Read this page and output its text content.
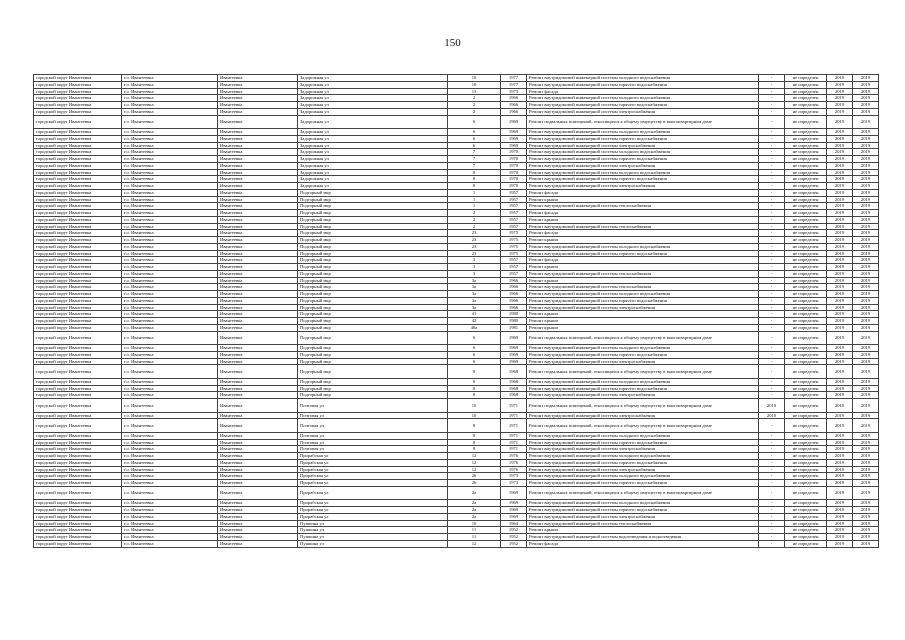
150
городской округ Ивантеевка	г.о. Ивантеевка	Ивантеевка	Задорожная ул	10	1977	Ремонт внутридомовой инженерной системы холодного водоснабжения	-	не определен	2019	2019
городской округ Ивантеевка	г.о. Ивантеевка	Ивантеевка	Задорожная ул	10	1977	Ремонт внутридомовой инженерной системы горячего водоснабжения	-	не определен	2019	2019
городской округ Ивантеевка	г.о. Ивантеевка	Ивантеевка	Задорожная ул	13	1973	Ремонт фасада	-	не определен	2019	2019
городской округ Ивантеевка	г.о. Ивантеевка	Ивантеевка	Задорожная ул	2	1966	Ремонт внутридомовой инженерной системы холодного водоснабжения	-	не определен	2019	2019
городской округ Ивантеевка	г.о. Ивантеевка	Ивантеевка	Задорожная ул	2	1966	Ремонт внутридомовой инженерной системы горячего водоснабжения	-	не определен	2019	2019
городской округ Ивантеевка	г.о. Ивантеевка	Ивантеевка	Задорожная ул	2	1966	Ремонт внутридомовой инженерной системы электроснабжения	-	не определен	2019	2019
городской округ Ивантеевка	г.о. Ивантеевка	Ивантеевка	Задорожная ул	6	1969	Ремонт подвальных помещений, относящихся к общему имуществу в многоквартирном доме	-	не определен	2019	2019
городской округ Ивантеевка	г.о. Ивантеевка	Ивантеевка	Задорожная ул	6	1969	Ремонт внутридомовой инженерной системы холодного водоснабжения	-	не определен	2019	2019
городской округ Ивантеевка	г.о. Ивантеевка	Ивантеевка	Задорожная ул	6	1969	Ремонт внутридомовой инженерной системы горячего водоснабжения	-	не определен	2019	2019
городской округ Ивантеевка	г.о. Ивантеевка	Ивантеевка	Задорожная ул	6	1969	Ремонт внутридомовой инженерной системы электроснабжения	-	не определен	2019	2019
городской округ Ивантеевка	г.о. Ивантеевка	Ивантеевка	Задорожная ул	7	1970	Ремонт внутридомовой инженерной системы холодного водоснабжения	-	не определен	2019	2019
городской округ Ивантеевка	г.о. Ивантеевка	Ивантеевка	Задорожная ул	7	1970	Ремонт внутридомовой инженерной системы горячего водоснабжения	-	не определен	2019	2019
городской округ Ивантеевка	г.о. Ивантеевка	Ивантеевка	Задорожная ул	7	1970	Ремонт внутридомовой инженерной системы электроснабжения	-	не определен	2019	2019
городской округ Ивантеевка	г.о. Ивантеевка	Ивантеевка	Задорожная ул	8	1970	Ремонт внутридомовой инженерной системы холодного водоснабжения	-	не определен	2019	2019
городской округ Ивантеевка	г.о. Ивантеевка	Ивантеевка	Задорожная ул	8	1970	Ремонт внутридомовой инженерной системы горячего водоснабжения	-	не определен	2019	2019
городской округ Ивантеевка	г.о. Ивантеевка	Ивантеевка	Задорожная ул	8	1970	Ремонт внутридомовой инженерной системы электроснабжения	-	не определен	2019	2019
городской округ Ивантеевка	г.о. Ивантеевка	Ивантеевка	Подгорный мкр	1	1957	Ремонт фасада	-	не определен	2019	2019
городской округ Ивантеевка	г.о. Ивантеевка	Ивантеевка	Подгорный мкр	1	1957	Ремонт крыши	-	не определен	2019	2019
городской округ Ивантеевка	г.о. Ивантеевка	Ивантеевка	Подгорный мкр	1	1957	Ремонт внутридомовой инженерной системы теплоснабжения	-	не определен	2019	2019
городской округ Ивантеевка	г.о. Ивантеевка	Ивантеевка	Подгорный мкр	2	1957	Ремонт фасада	-	не определен	2019	2019
городской округ Ивантеевка	г.о. Ивантеевка	Ивантеевка	Подгорный мкр	2	1957	Ремонт крыши	-	не определен	2019	2019
городской округ Ивантеевка	г.о. Ивантеевка	Ивантеевка	Подгорный мкр	2	1957	Ремонт внутридомовой инженерной системы теплоснабжения	-	не определен	2019	2019
городской округ Ивантеевка	г.о. Ивантеевка	Ивантеевка	Подгорный мкр	23	1975	Ремонт фасада	-	не определен	2019	2019
городской округ Ивантеевка	г.о. Ивантеевка	Ивантеевка	Подгорный мкр	23	1975	Ремонт крыши	-	не определен	2019	2019
городской округ Ивантеевка	г.о. Ивантеевка	Ивантеевка	Подгорный мкр	23	1975	Ремонт внутридомовой инженерной системы холодного водоснабжения	-	не определен	2019	2019
городской округ Ивантеевка	г.о. Ивантеевка	Ивантеевка	Подгорный мкр	23	1975	Ремонт внутридомовой инженерной системы горячего водоснабжения	-	не определен	2019	2019
городской округ Ивантеевка	г.о. Ивантеевка	Ивантеевка	Подгорный мкр	3	1957	Ремонт фасада	-	не определен	2019	2019
городской округ Ивантеевка	г.о. Ивантеевка	Ивантеевка	Подгорный мкр	3	1957	Ремонт крыши	-	не определен	2019	2019
городской округ Ивантеевка	г.о. Ивантеевка	Ивантеевка	Подгорный мкр	3	1957	Ремонт внутридомовой инженерной системы теплоснабжения	-	не определен	2019	2019
городской округ Ивантеевка	г.о. Ивантеевка	Ивантеевка	Подгорный мкр	3а	1966	Ремонт крыши	-	не определен	2019	2019
городской округ Ивантеевка	г.о. Ивантеевка	Ивантеевка	Подгорный мкр	3а	1966	Ремонт внутридомовой инженерной системы теплоснабжения	-	не определен	2019	2019
городской округ Ивантеевка	г.о. Ивантеевка	Ивантеевка	Подгорный мкр	3а	1966	Ремонт внутридомовой инженерной системы холодного водоснабжения	-	не определен	2019	2019
городской округ Ивантеевка	г.о. Ивантеевка	Ивантеевка	Подгорный мкр	3а	1966	Ремонт внутридомовой инженерной системы горячего водоснабжения	-	не определен	2019	2019
городской округ Ивантеевка	г.о. Ивантеевка	Ивантеевка	Подгорный мкр	3а	1966	Ремонт внутридомовой инженерной системы электроснабжения	-	не определен	2019	2019
городской округ Ивантеевка	г.о. Ивантеевка	Ивантеевка	Подгорный мкр	41	1980	Ремонт крыши	-	не определен	2019	2019
городской округ Ивантеевка	г.о. Ивантеевка	Ивантеевка	Подгорный мкр	42	1980	Ремонт крыши	-	не определен	2019	2019
городской округ Ивантеевка	г.о. Ивантеевка	Ивантеевка	Подгорный мкр	48а	1981	Ремонт крыши	-	не определен	2019	2019
городской округ Ивантеевка	г.о. Ивантеевка	Ивантеевка	Подгорный мкр	6	1969	Ремонт подвальных помещений, относящихся к общему имуществу в многоквартирном доме	-	не определен	2019	2019
городской округ Ивантеевка	г.о. Ивантеевка	Ивантеевка	Подгорный мкр	6	1969	Ремонт внутридомовой инженерной системы холодного водоснабжения	-	не определен	2019	2019
городской округ Ивантеевка	г.о. Ивантеевка	Ивантеевка	Подгорный мкр	6	1969	Ремонт внутридомовой инженерной системы горячего водоснабжения	-	не определен	2019	2019
городской округ Ивантеевка	г.о. Ивантеевка	Ивантеевка	Подгорный мкр	6	1969	Ремонт внутридомовой инженерной системы электроснабжения	-	не определен	2019	2019
городской округ Ивантеевка	г.о. Ивантеевка	Ивантеевка	Подгорный мкр	8	1968	Ремонт подвальных помещений, относящихся к общему имуществу в многоквартирном доме	-	не определен	2019	2019
городской округ Ивантеевка	г.о. Ивантеевка	Ивантеевка	Подгорный мкр	8	1968	Ремонт внутридомовой инженерной системы холодного водоснабжения	-	не определен	2019	2019
городской округ Ивантеевка	г.о. Ивантеевка	Ивантеевка	Подгорный мкр	8	1968	Ремонт внутридомовой инженерной системы горячего водоснабжения	-	не определен	2019	2019
городской округ Ивантеевка	г.о. Ивантеевка	Ивантеевка	Подгорный мкр	8	1968	Ремонт внутридомовой инженерной системы электроснабжения	-	не определен	2019	2019
городской округ Ивантеевка	г.о. Ивантеевка	Ивантеевка	Почтовая ул	10	1971	Ремонт подвальных помещений, относящихся к общему имуществу в многоквартирном доме	2010	не определен	2019	2019
городской округ Ивантеевка	г.о. Ивантеевка	Ивантеевка	Почтовая ул	10	1971	Ремонт внутридомовой инженерной системы электроснабжения	2010	не определен	2019	2019
городской округ Ивантеевка	г.о. Ивантеевка	Ивантеевка	Почтовая ул	8	1971	Ремонт подвальных помещений, относящихся к общему имуществу в многоквартирном доме	-	не определен	2019	2019
городской округ Ивантеевка	г.о. Ивантеевка	Ивантеевка	Почтовая ул	8	1971	Ремонт внутридомовой инженерной системы холодного водоснабжения	-	не определен	2019	2019
городской округ Ивантеевка	г.о. Ивантеевка	Ивантеевка	Почтовая ул	8	1971	Ремонт внутридомовой инженерной системы горячего водоснабжения	-	не определен	2019	2019
городской округ Ивантеевка	г.о. Ивантеевка	Ивантеевка	Почтовая ул	8	1971	Ремонт внутридомовой инженерной системы электроснабжения	-	не определен	2019	2019
городской округ Ивантеевка	г.о. Ивантеевка	Ивантеевка	Прорабская ул	12	1976	Ремонт внутридомовой инженерной системы холодного водоснабжения	-	не определен	2019	2019
городской округ Ивантеевка	г.о. Ивантеевка	Ивантеевка	Прорабская ул	12	1976	Ремонт внутридомовой инженерной системы горячего водоснабжения	-	не определен	2019	2019
городской округ Ивантеевка	г.о. Ивантеевка	Ивантеевка	Прорабская ул	12	1976	Ремонт внутридомовой инженерной системы электроснабжения	-	не определен	2019	2019
городской округ Ивантеевка	г.о. Ивантеевка	Ивантеевка	Прорабская ул	26	1973	Ремонт внутридомовой инженерной системы холодного водоснабжения	-	не определен	2019	2019
городской округ Ивантеевка	г.о. Ивантеевка	Ивантеевка	Прорабская ул	26	1973	Ремонт внутридомовой инженерной системы горячего водоснабжения	-	не определен	2019	2019
городской округ Ивантеевка	г.о. Ивантеевка	Ивантеевка	Прорабская ул	2а	1969	Ремонт подвальных помещений, относящихся к общему имуществу в многоквартирном доме	-	не определен	2019	2019
городской округ Ивантеевка	г.о. Ивантеевка	Ивантеевка	Прорабская ул	2а	1969	Ремонт внутридомовой инженерной системы холодного водоснабжения	-	не определен	2019	2019
городской округ Ивантеевка	г.о. Ивантеевка	Ивантеевка	Прорабская ул	2а	1969	Ремонт внутридомовой инженерной системы горячего водоснабжения	-	не определен	2019	2019
городской округ Ивантеевка	г.о. Ивантеевка	Ивантеевка	Прорабская ул	2а	1969	Ремонт внутридомовой инженерной системы электроснабжения	-	не определен	2019	2019
городской округ Ивантеевка	г.о. Ивантеевка	Ивантеевка	Пушкина ул	10	1964	Ремонт внутридомовой инженерной системы теплоснабжения	-	не определен	2019	2019
городской округ Ивантеевка	г.о. Ивантеевка	Ивантеевка	Пушкина ул	11	1952	Ремонт крыши	-	не определен	2019	2019
городской округ Ивантеевка	г.о. Ивантеевка	Ивантеевка	Пушкина ул	11	1952	Ремонт внутридомовой инженерной системы водоотведения и водоотведения	-	не определен	2019	2019
городской округ Ивантеевка	г.о. Ивантеевка	Ивантеевка	Пушкина ул	12	1952	Ремонт фасада	-	не определен	2019	2019
